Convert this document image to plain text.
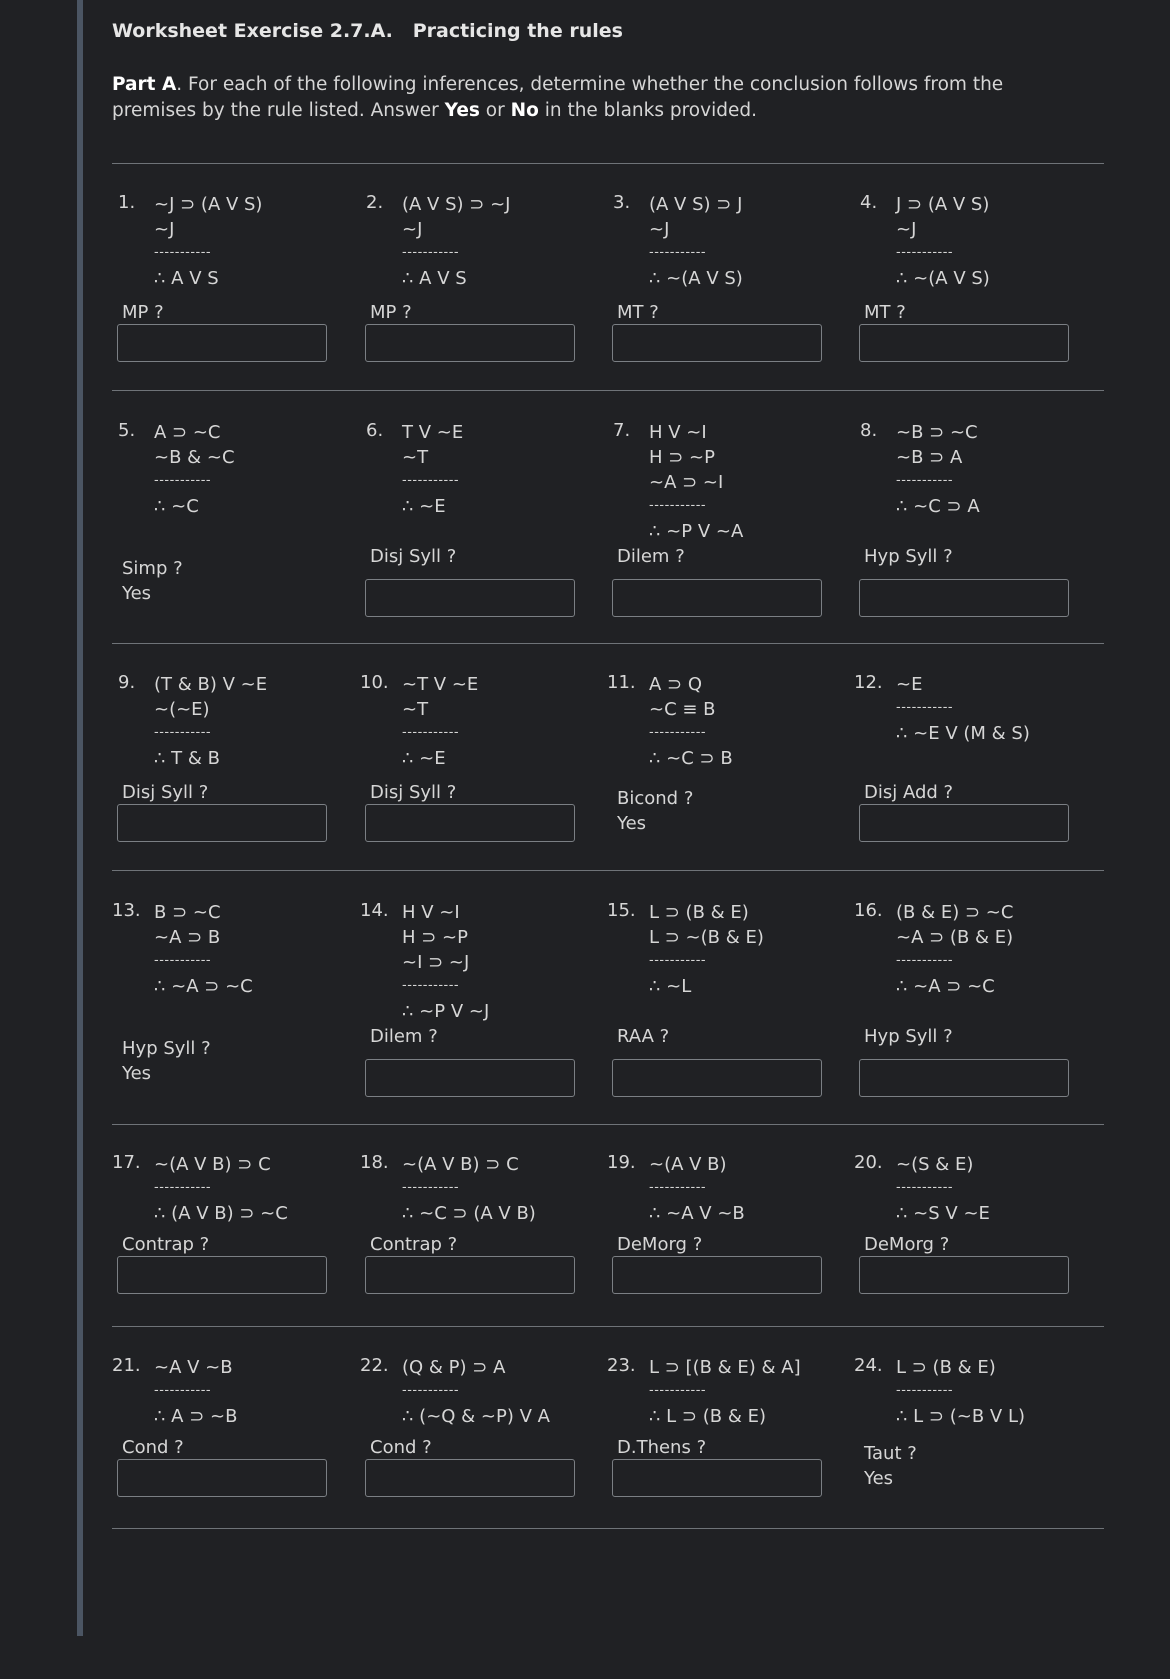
Worksheet Exercise 2.7.A.   Practicing the rules
Part A. For each of the following inferences, determine whether the conclusion follows from the premises by the rule listed. Answer Yes or No in the blanks provided.
1. ~J ⊃ (A V S)
~J
-----------
∴ A V S
MP ?
2. (A V S) ⊃ ~J
~J
-----------
∴ A V S
MP ?
3. (A V S) ⊃ J
~J
-----------
∴ ~(A V S)
MT ?
4. J ⊃ (A V S)
~J
-----------
∴ ~(A V S)
MT ?
5. A ⊃ ~C
~B & ~C
-----------
∴ ~C
Simp ?
Yes
6. T V ~E
~T
-----------
∴ ~E
Disj Syll ?
7. H V ~I
H ⊃ ~P
~A ⊃ ~I
-----------
∴ ~P V ~A
Dilem ?
8. ~B ⊃ ~C
~B ⊃ A
-----------
∴ ~C ⊃ A
Hyp Syll ?
9. (T & B) V ~E
~(~E)
-----------
∴ T & B
Disj Syll ?
10. ~T V ~E
~T
-----------
∴ ~E
Disj Syll ?
11. A ⊃ Q
~C ≡ B
-----------
∴ ~C ⊃ B
Bicond ?
Yes
12. ~E
-----------
∴ ~E V (M & S)
Disj Add ?
13. B ⊃ ~C
~A ⊃ B
-----------
∴ ~A ⊃ ~C
Hyp Syll ?
Yes
14. H V ~I
H ⊃ ~P
~I ⊃ ~J
-----------
∴ ~P V ~J
Dilem ?
15. L ⊃ (B & E)
L ⊃ ~(B & E)
-----------
∴ ~L
RAA ?
16. (B & E) ⊃ ~C
~A ⊃ (B & E)
-----------
∴ ~A ⊃ ~C
Hyp Syll ?
17. ~(A V B) ⊃ C
-----------
∴ (A V B) ⊃ ~C
Contrap ?
18. ~(A V B) ⊃ C
-----------
∴ ~C ⊃ (A V B)
Contrap ?
19. ~(A V B)
-----------
∴ ~A V ~B
DeMorg ?
20. ~(S & E)
-----------
∴ ~S V ~E
DeMorg ?
21. ~A V ~B
-----------
∴ A ⊃ ~B
Cond ?
22. (Q & P) ⊃ A
-----------
∴ (~Q & ~P) V A
Cond ?
23. L ⊃ [(B & E) & A]
-----------
∴ L ⊃ (B & E)
D.Thens ?
24. L ⊃ (B & E)
-----------
∴ L ⊃ (~B V L)
Taut ?
Yes
